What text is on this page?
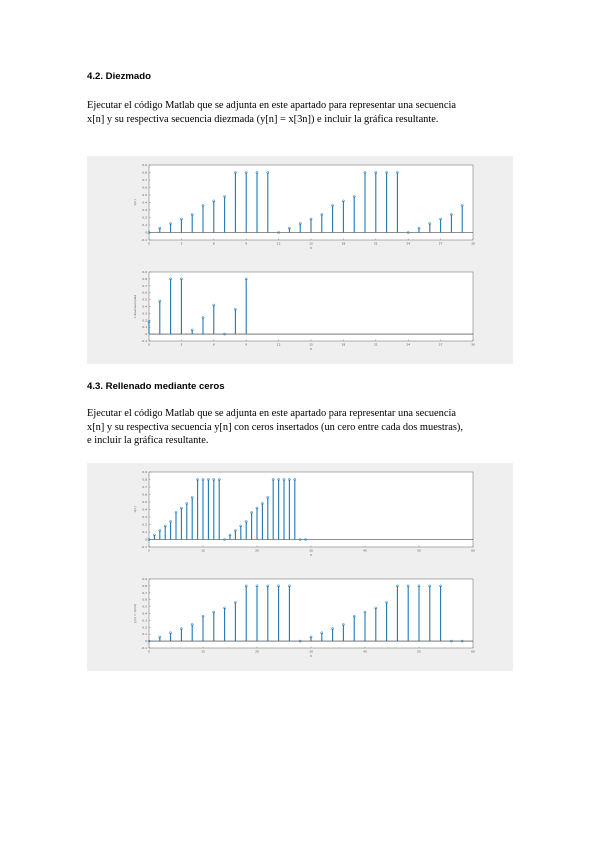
4.2. Diezmado

Ejecutar el código Matlab que se adjunta en este apartado para representar una secuencia
x[n] y su respectiva secuencia diezmada (y[n] = x[3n]) e incluir la gráfica resultante.

0	3	6	9	12	15	18	21	24	27	30
-0.1
0
0.1
0.2
0.3
0.4
0.5
0.6
0.7
0.8
0.9
n
x[n]
0	3	6	9	12	15	18	21	24	27	30
-0.1
0
0.1
0.2
0.3
0.4
0.5
0.6
0.7
0.8
0.9
n
x downsampled
4.3. Rellenado mediante ceros

Ejecutar el código Matlab que se adjunta en este apartado para representar una secuencia
x[n] y su respectiva secuencia y[n] con ceros insertados (un cero entre cada dos muestras),
e incluir la gráfica resultante.

0	10	20	30	40	50	60
-0.1
0
0.1
0.2
0.3
0.4
0.5
0.6
0.7
0.8
0.9
n
x[n]
0	10	20	30	40	50	60
-0.1
0
0.1
0.2
0.3
0.4
0.5
0.6
0.7
0.8
0.9
n
y[n] = x[n/2]
